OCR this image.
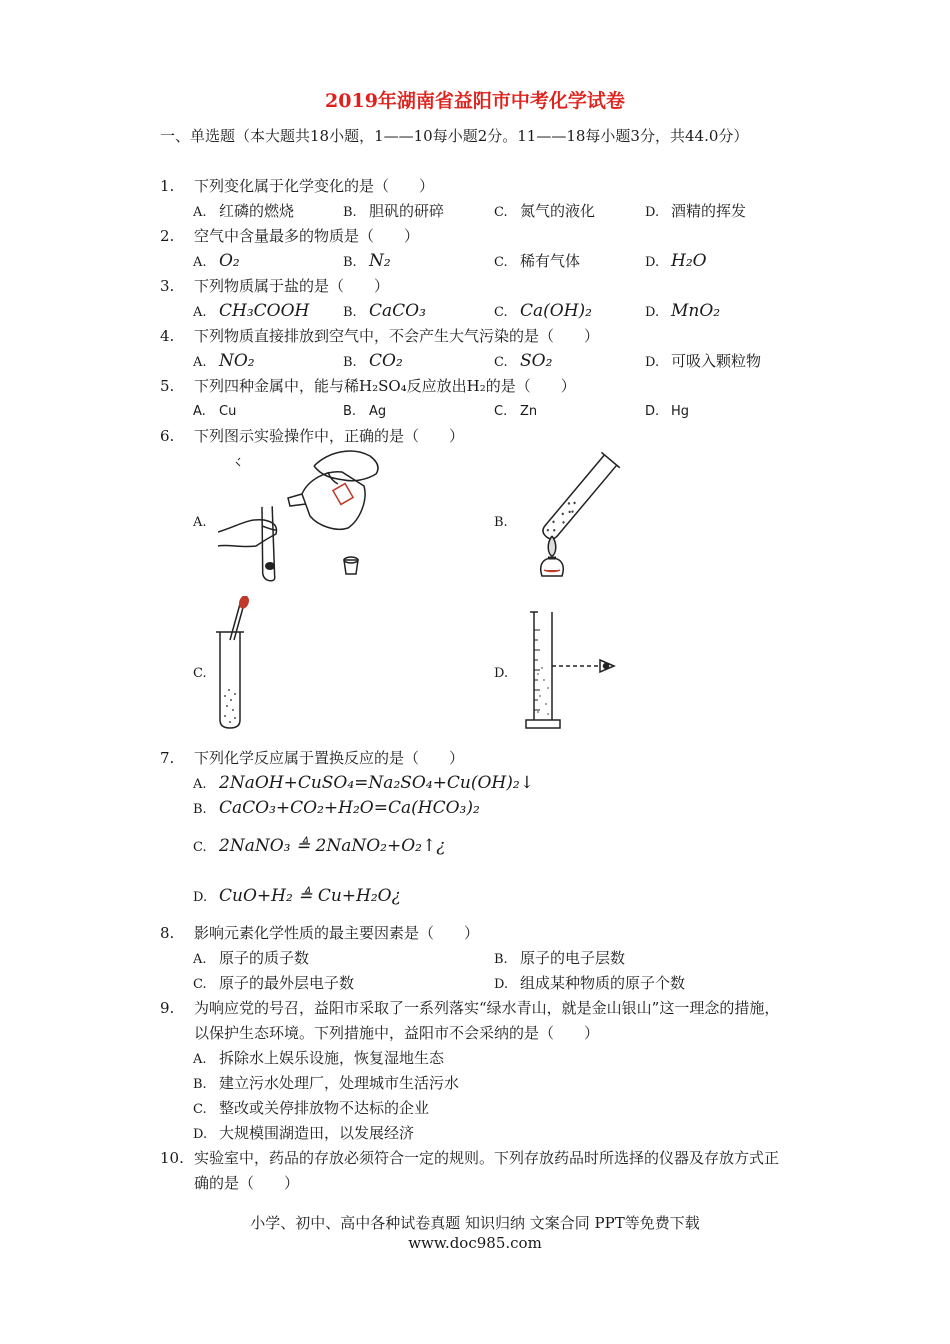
2019年湖南省益阳市中考化学试卷
一、单选题（本大题共18小题，1——10每小题2分。11——18每小题3分，共44.0分）
1. 下列变化属于化学变化的是（　　）
A. 红磷的燃烧	B. 胆矾的研碎	C. 氮气的液化	D. 酒精的挥发
2. 空气中含量最多的物质是（　　）
A. O₂	B. N₂	C. 稀有气体	D. H₂O
3. 下列物质属于盐的是（　　）
A. CH₃COOH	B. CaCO₃	C. Ca(OH)₂	D. MnO₂
4. 下列物质直接排放到空气中，不会产生大气污染的是（　　）
A. NO₂	B. CO₂	C. SO₂	D. 可吸入颗粒物
5. 下列四种金属中，能与稀H₂SO₄反应放出H₂的是（　　）
A. Cu	B. Ag	C. Zn	D. Hg
6. 下列图示实验操作中，正确的是（　　）
A.	B.
C.	D.
7. 下列化学反应属于置换反应的是（　　）
A. 2NaOH+CuSO₄=Na₂SO₄+Cu(OH)₂↓
B. CaCO₃+CO₂+H₂O=Ca(HCO₃)₂
C. 2NaNO₃ ≜ 2NaNO₂+O₂↑¿
D. CuO+H₂ ≜ Cu+H₂O¿
8. 影响元素化学性质的最主要因素是（　　）
A. 原子的质子数	B. 原子的电子层数
C. 原子的最外层电子数	D. 组成某种物质的原子个数
9. 为响应党的号召，益阳市采取了一系列落实“绿水青山，就是金山银山”这一理念的措施，以保护生态环境。下列措施中，益阳市不会采纳的是（　　）
A. 拆除水上娱乐设施，恢复湿地生态
B. 建立污水处理厂，处理城市生活污水
C. 整改或关停排放物不达标的企业
D. 大规模围湖造田，以发展经济
10. 实验室中，药品的存放必须符合一定的规则。下列存放药品时所选择的仪器及存放方式正确的是（　　）
小学、初中、高中各种试卷真题 知识归纳 文案合同 PPT等免费下载
www.doc985.com
